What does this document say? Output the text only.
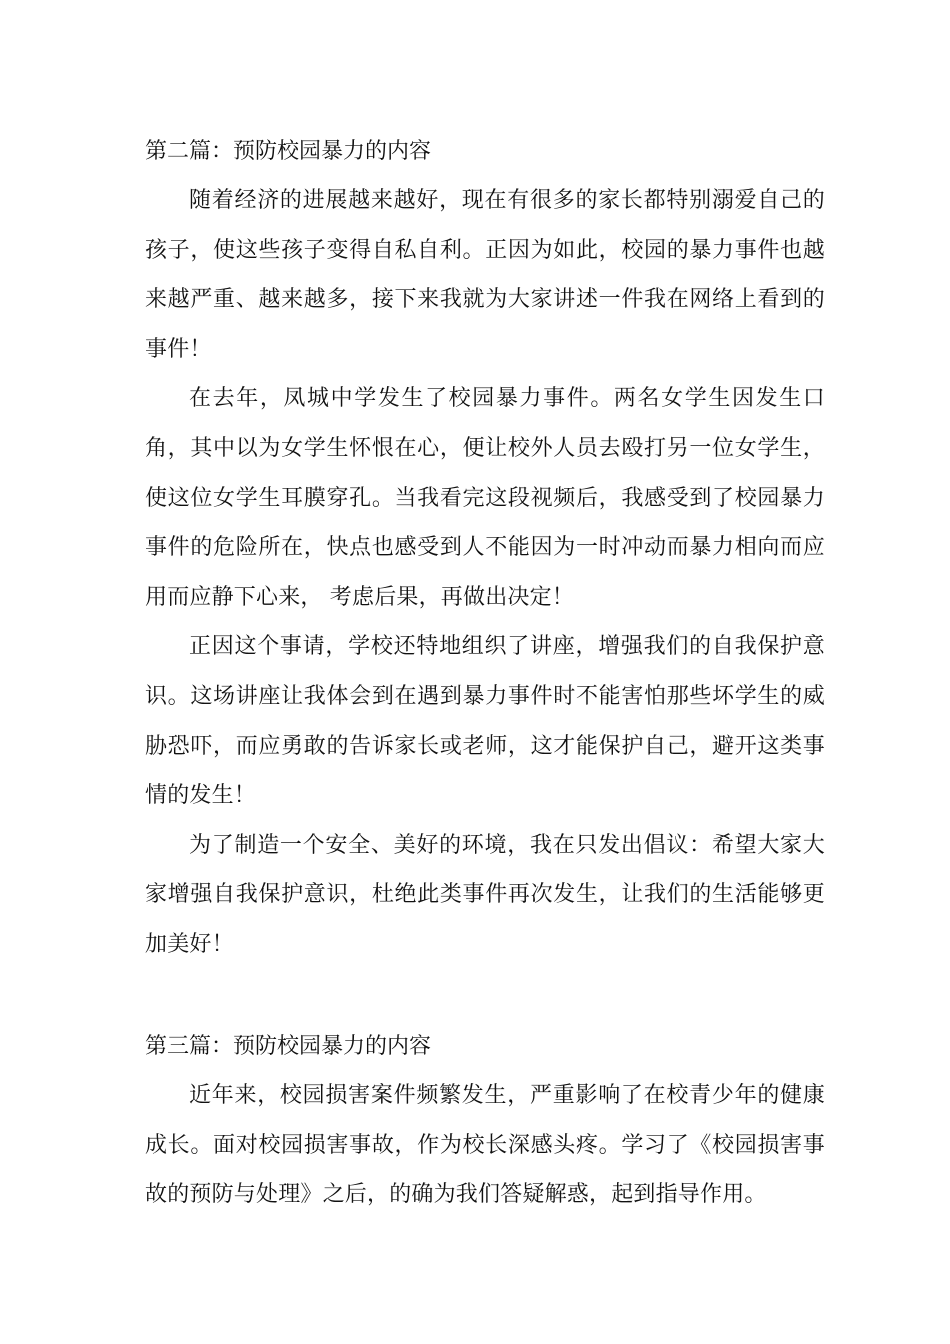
第二篇：预防校园暴力的内容

随着经济的进展越来越好，现在有很多的家长都特别溺爱自己的孩子，使这些孩子变得自私自利。正因为如此，校园的暴力事件也越来越严重、越来越多，接下来我就为大家讲述一件我在网络上看到的事件！

在去年，凤城中学发生了校园暴力事件。两名女学生因发生口角，其中以为女学生怀恨在心，便让校外人员去殴打另一位女学生，使这位女学生耳膜穿孔。当我看完这段视频后，我感受到了校园暴力事件的危险所在，快点也感受到人不能因为一时冲动而暴力相向而应用而应静下心来， 考虑后果，再做出决定！

正因这个事请，学校还特地组织了讲座，增强我们的自我保护意识。这场讲座让我体会到在遇到暴力事件时不能害怕那些坏学生的威胁恐吓，而应勇敢的告诉家长或老师，这才能保护自己，避开这类事情的发生！

为了制造一个安全、美好的环境，我在只发出倡议：希望大家大家增强自我保护意识，杜绝此类事件再次发生，让我们的生活能够更加美好！

第三篇：预防校园暴力的内容

近年来，校园损害案件频繁发生，严重影响了在校青少年的健康成长。面对校园损害事故，作为校长深感头疼。学习了《校园损害事故的预防与处理》之后，的确为我们答疑解惑，起到指导作用。
